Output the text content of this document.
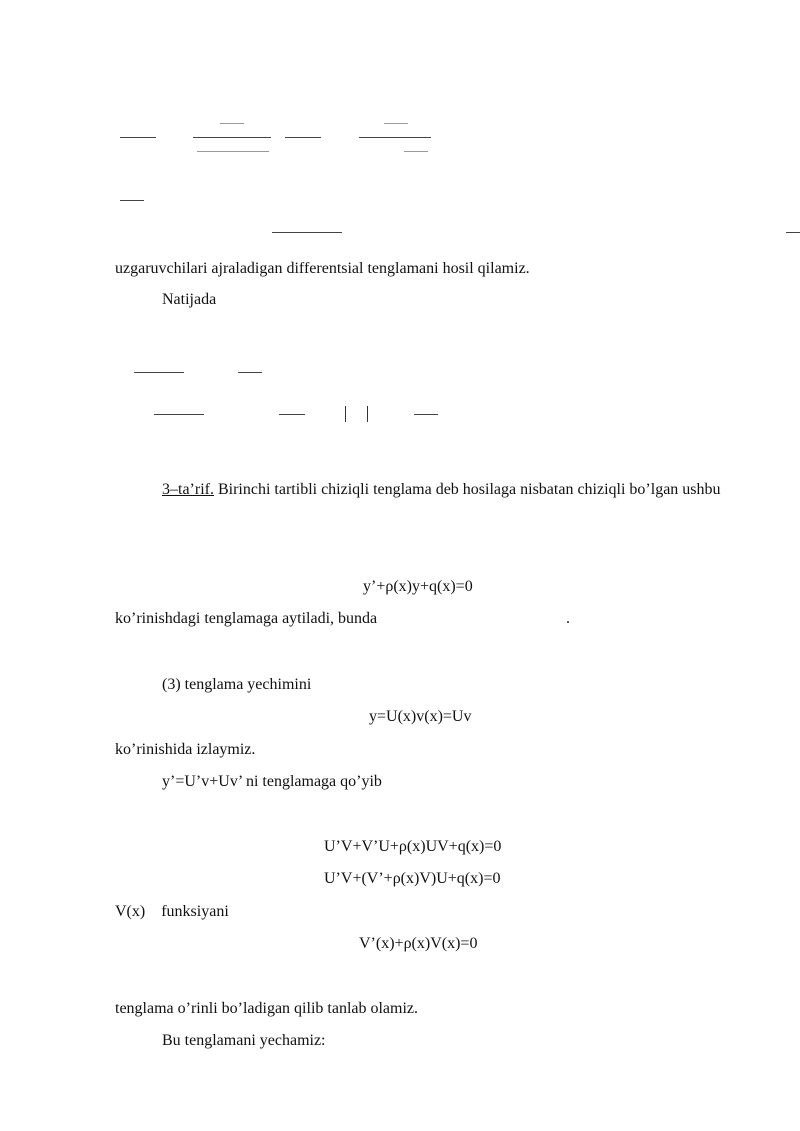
uzgaruvchilari ajraladigan differentsial tenglamani hosil qilamiz.
Natijada
3–ta’rif. Birinchi tartibli chiziqli tenglama deb hosilaga nisbatan chiziqli bo’lgan ushbu
y’+ρ(x)y+q(x)=0
ko’rinishdagi tenglamaga aytiladi, bunda	.
(3) tenglama yechimini
y=U(x)v(x)=Uv
ko’rinishida izlaymiz.
y’=U’v+Uv’ ni tenglamaga qo’yib
U’V+V’U+ρ(x)UV+q(x)=0
U’V+(V’+ρ(x)V)U+q(x)=0
V(x)    funksiyani
V’(x)+ρ(x)V(x)=0
tenglama o’rinli bo’ladigan qilib tanlab olamiz.
Bu tenglamani yechamiz:
